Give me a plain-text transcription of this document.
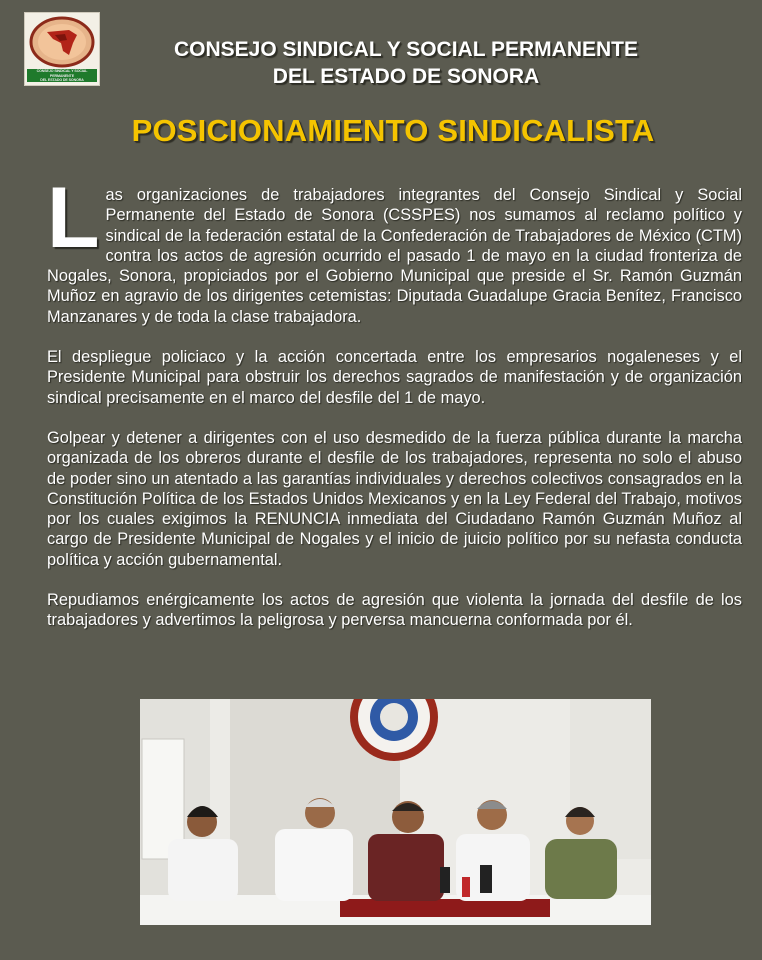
CONSEJO SINDICAL Y SOCIAL PERMANENTE
DEL ESTADO DE SONORA
CONSEJO SINDICAL Y SOCIAL PERMANENTE
DEL ESTADO DE SONORA
POSICIONAMIENTO SINDICALISTA

Las organizaciones de trabajadores integrantes del Consejo Sindical y Social Permanente del Estado de Sonora (CSSPES) nos sumamos al reclamo político y sindical de la federación estatal de la Confederación de Trabajadores de México (CTM) contra los actos de agresión ocurrido el pasado 1 de mayo en la ciudad fronteriza de Nogales, Sonora, propiciados por el Gobierno Municipal que preside el Sr. Ramón Guzmán Muñoz en agravio de los dirigentes cetemistas: Diputada Guadalupe Gracia Benítez, Francisco Manzanares y de toda la clase trabajadora.

El despliegue policiaco y la acción concertada entre los empresarios nogaleneses y el Presidente Municipal para obstruir los derechos sagrados de manifestación y de organización sindical precisamente en el marco del desfile del 1 de mayo.

Golpear y detener a dirigentes con el uso desmedido de la fuerza pública durante la marcha organizada de los obreros durante el desfile de los trabajadores, representa no solo el abuso de poder sino un atentado a las garantías individuales y derechos colectivos consagrados en la Constitución Política de los Estados Unidos Mexicanos y en la Ley Federal del Trabajo, motivos por los cuales exigimos la RENUNCIA inmediata del Ciudadano Ramón Guzmán Muñoz al cargo de Presidente Municipal de Nogales y el inicio de juicio político por su nefasta conducta política y acción gubernamental.

Repudiamos enérgicamente los actos de agresión que violenta la jornada del desfile de los trabajadores y advertimos la peligrosa y perversa mancuerna conformada por él.
